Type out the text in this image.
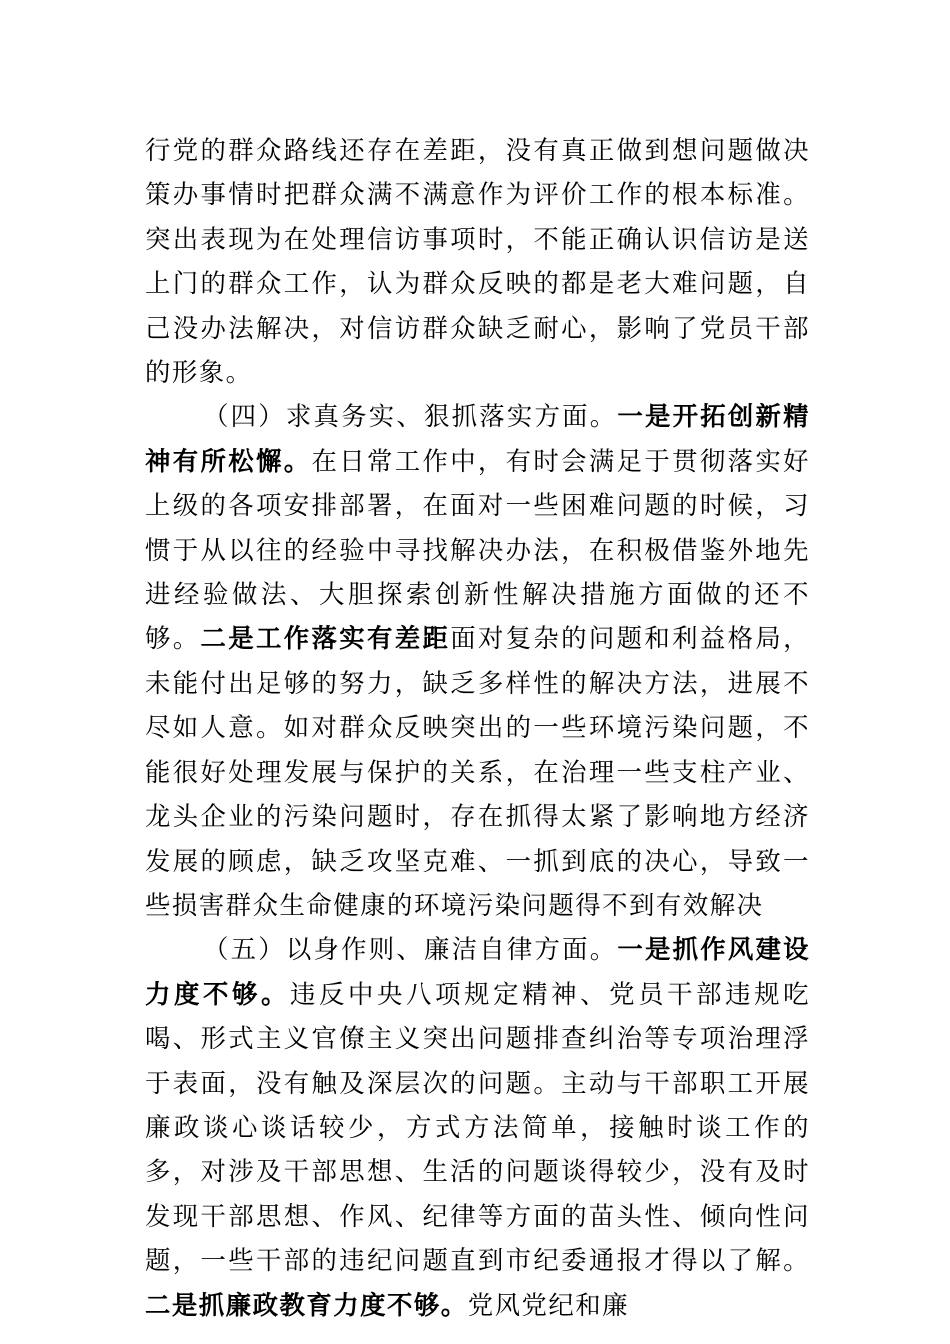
行党的群众路线还存在差距，没有真正做到想问题做决策办事情时把群众满不满意作为评价工作的根本标准。突出表现为在处理信访事项时，不能正确认识信访是送上门的群众工作，认为群众反映的都是老大难问题，自己没办法解决，对信访群众缺乏耐心，影响了党员干部的形象。

（四）求真务实、狠抓落实方面。一是开拓创新精神有所松懈。在日常工作中，有时会满足于贯彻落实好上级的各项安排部署，在面对一些困难问题的时候，习惯于从以往的经验中寻找解决办法，在积极借鉴外地先进经验做法、大胆探索创新性解决措施方面做的还不够。二是工作落实有差距面对复杂的问题和利益格局，未能付出足够的努力，缺乏多样性的解决方法，进展不尽如人意。如对群众反映突出的一些环境污染问题，不能很好处理发展与保护的关系，在治理一些支柱产业、龙头企业的污染问题时，存在抓得太紧了影响地方经济发展的顾虑，缺乏攻坚克难、一抓到底的决心，导致一些损害群众生命健康的环境污染问题得不到有效解决

（五）以身作则、廉洁自律方面。一是抓作风建设力度不够。违反中央八项规定精神、党员干部违规吃喝、形式主义官僚主义突出问题排查纠治等专项治理浮于表面，没有触及深层次的问题。主动与干部职工开展廉政谈心谈话较少，方式方法简单，接触时谈工作的多，对涉及干部思想、生活的问题谈得较少，没有及时发现干部思想、作风、纪律等方面的苗头性、倾向性问题，一些干部的违纪问题直到市纪委通报才得以了解。二是抓廉政教育力度不够。党风党纪和廉
